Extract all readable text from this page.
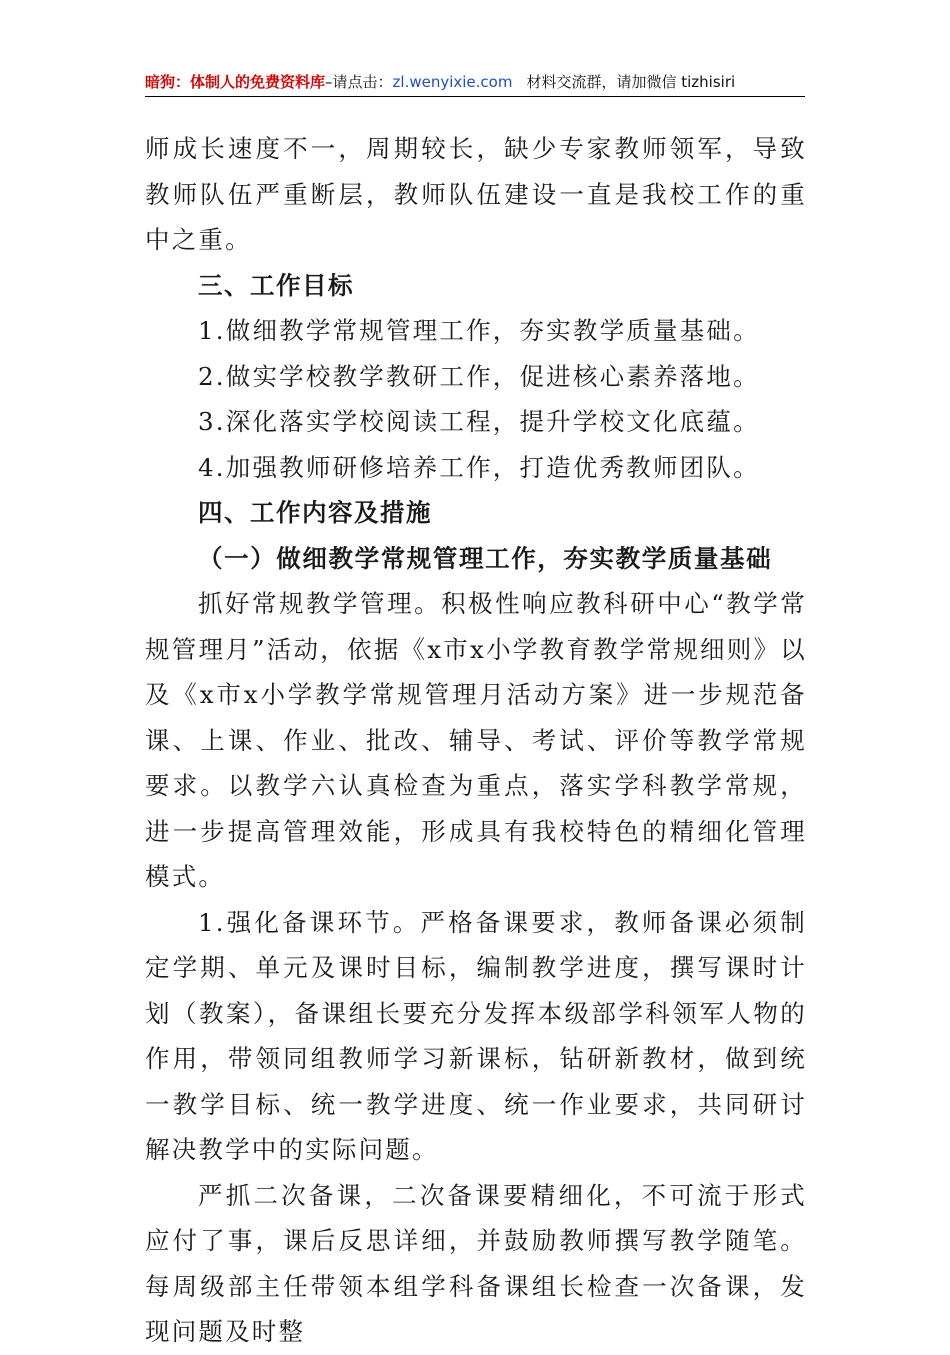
暗狗：体制人的免费资料库–请点击：zl.wenyixie.com 材料交流群，请加微信 tizhisiri

师成长速度不一，周期较长，缺少专家教师领军，导致教师队伍严重断层，教师队伍建设一直是我校工作的重中之重。

三、工作目标

1.做细教学常规管理工作，夯实教学质量基础。

2.做实学校教学教研工作，促进核心素养落地。

3.深化落实学校阅读工程，提升学校文化底蕴。

4.加强教师研修培养工作，打造优秀教师团队。

四、工作内容及措施

（一）做细教学常规管理工作，夯实教学质量基础

抓好常规教学管理。积极性响应教科研中心“教学常规管理月”活动，依据《x市x小学教育教学常规细则》以及《x市x小学教学常规管理月活动方案》进一步规范备课、上课、作业、批改、辅导、考试、评价等教学常规要求。以教学六认真检查为重点，落实学科教学常规，进一步提高管理效能，形成具有我校特色的精细化管理模式。

1.强化备课环节。严格备课要求，教师备课必须制定学期、单元及课时目标，编制教学进度，撰写课时计划（教案），备课组长要充分发挥本级部学科领军人物的作用，带领同组教师学习新课标，钻研新教材，做到统一教学目标、统一教学进度、统一作业要求，共同研讨解决教学中的实际问题。

严抓二次备课，二次备课要精细化，不可流于形式应付了事，课后反思详细，并鼓励教师撰写教学随笔。每周级部主任带领本组学科备课组长检查一次备课，发现问题及时整
